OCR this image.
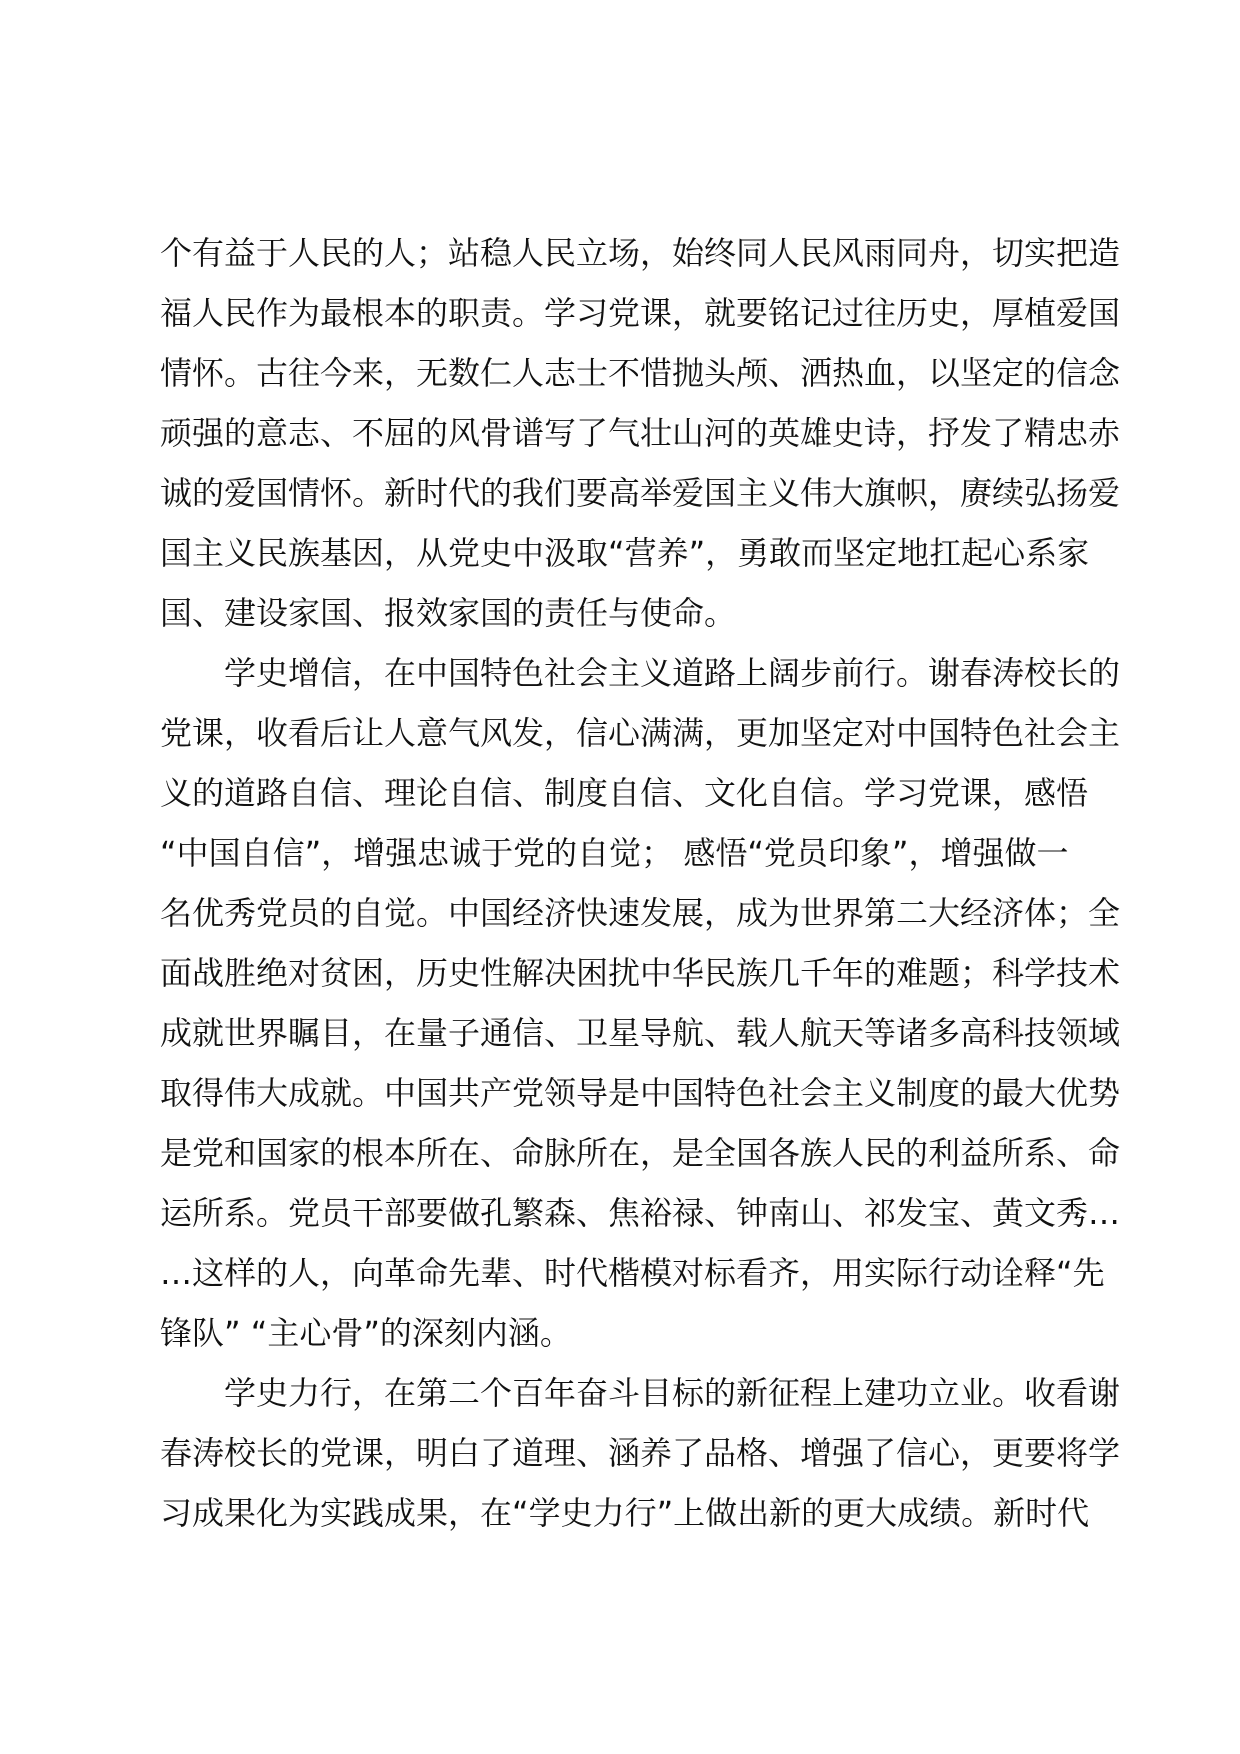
个有益于人民的人；站稳人民立场，始终同人民风雨同舟，切实把造
福人民作为最根本的职责。学习党课，就要铭记过往历史，厚植爱国
情怀。古往今来，无数仁人志士不惜抛头颅、洒热血，以坚定的信念
顽强的意志、不屈的风骨谱写了气壮山河的英雄史诗，抒发了精忠赤
诚的爱国情怀。新时代的我们要高举爱国主义伟大旗帜，赓续弘扬爱
国主义民族基因，从党史中汲取“营养”，勇敢而坚定地扛起心系家
国、建设家国、报效家国的责任与使命。
　　学史增信，在中国特色社会主义道路上阔步前行。谢春涛校长的
党课，收看后让人意气风发，信心满满，更加坚定对中国特色社会主
义的道路自信、理论自信、制度自信、文化自信。学习党课，感悟
“中国自信”，增强忠诚于党的自觉； 感悟“党员印象”，增强做一
名优秀党员的自觉。中国经济快速发展，成为世界第二大经济体；全
面战胜绝对贫困，历史性解决困扰中华民族几千年的难题；科学技术
成就世界瞩目，在量子通信、卫星导航、载人航天等诸多高科技领域
取得伟大成就。中国共产党领导是中国特色社会主义制度的最大优势
是党和国家的根本所在、命脉所在，是全国各族人民的利益所系、命
运所系。党员干部要做孔繁森、焦裕禄、钟南山、祁发宝、黄文秀…
…这样的人，向革命先辈、时代楷模对标看齐，用实际行动诠释“先
锋队” “主心骨”的深刻内涵。
　　学史力行，在第二个百年奋斗目标的新征程上建功立业。收看谢
春涛校长的党课，明白了道理、涵养了品格、增强了信心，更要将学
习成果化为实践成果，在“学史力行”上做出新的更大成绩。新时代
